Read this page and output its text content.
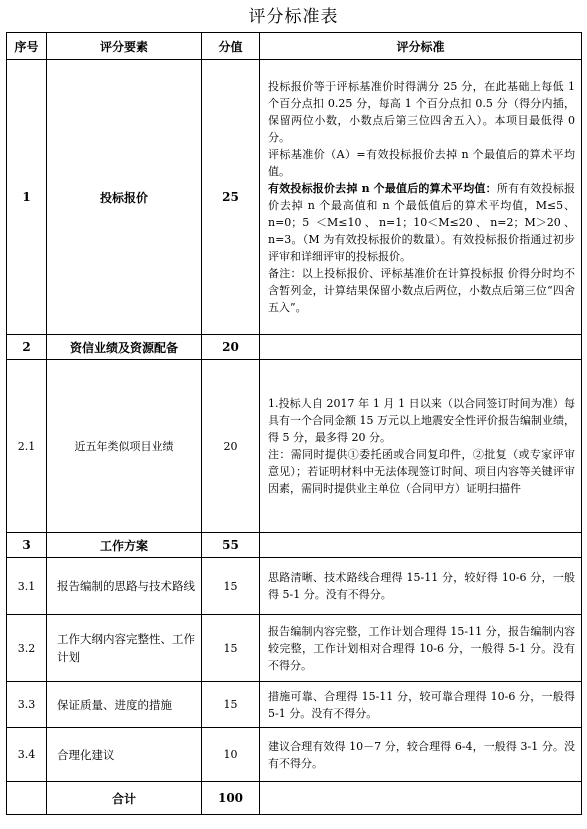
评分标准表
序号	评分要素	分值	评分标准
1	投标报价	25	投标报价等于评标基准价时得满分 25 分，在此基础上每低 1 个百分点扣 0.25 分，每高 1 个百分点扣 0.5 分（得分内插，保留两位小数，小数点后第三位四舍五入）。本项目最低得 0 分。

评标基准价（A）=有效投标报价去掉 n 个最值后的算术平均值。

有效投标报价去掉 n 个最值后的算术平均值：所有有效投标报价去掉 n 个最高值和 n 个最低值后的算术平均值，M≤5、n=0；5 ＜M≤10、n=1；10＜M≤20、n=2；M＞20、n=3。（M 为有效投标报价的数量）。有效投标报价指通过初步评审和详细评审的投标报价。

备注：以上投标报价、评标基准价在计算投标报 价得分时均不含暂列金，计算结果保留小数点后两位，小数点后第三位“四舍五入”。

2	资信业绩及资源配备	20	
2.1	近五年类似项目业绩	20	1.投标人自 2017 年 1 月 1 日以来（以合同签订时间为准）每具有一个合同金额 15 万元以上地震安全性评价报告编制业绩，得 5 分，最多得 20 分。

注：需同时提供①委托函或合同复印件，②批复（或专家评审意见）；若证明材料中无法体现签订时间、项目内容等关键评审因素，需同时提供业主单位（合同甲方）证明扫描件

3	工作方案	55	
3.1	报告编制的思路与技术路线	15	思路清晰、技术路线合理得 15-11 分，较好得 10-6 分，一般得 5-1 分。没有不得分。

3.2	工作大纲内容完整性、工作计划	15	报告编制内容完整，工作计划合理得 15-11 分，报告编制内容较完整，工作计划相对合理得 10-6 分，一般得 5-1 分。没有不得分。

3.3	保证质量、进度的措施	15	措施可靠、合理得 15-11 分，较可靠合理得 10-6 分，一般得 5-1 分。没有不得分。

3.4	合理化建议	10	建议合理有效得 10－7 分，较合理得 6-4，一般得 3-1 分。没有不得分。

	合计	100	
